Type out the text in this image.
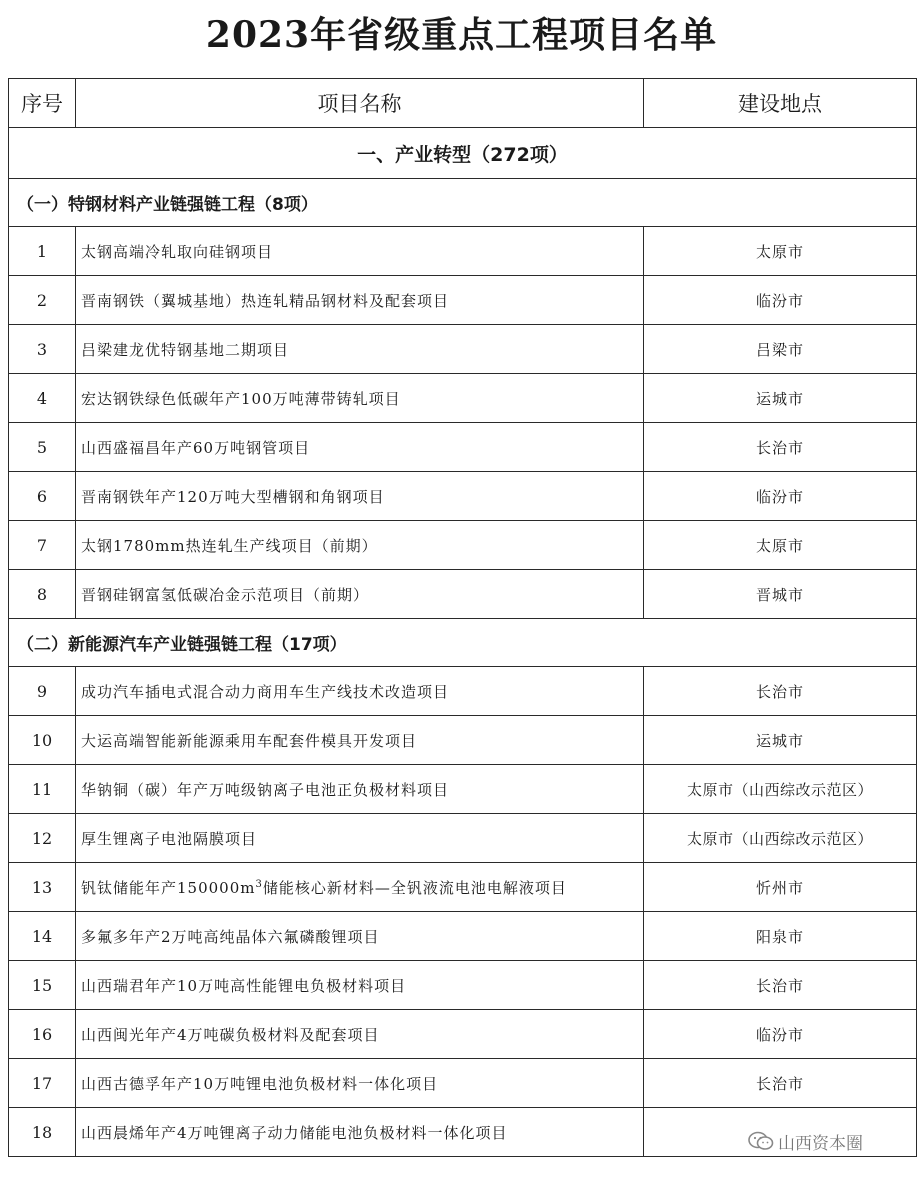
2023年省级重点工程项目名单
序号	项目名称	建设地点
一、产业转型（272项）		
（一）特钢材料产业链强链工程（8项）		
1	太钢高端冷轧取向硅钢项目	太原市
2	晋南钢铁（翼城基地）热连轧精品钢材料及配套项目	临汾市
3	吕梁建龙优特钢基地二期项目	吕梁市
4	宏达钢铁绿色低碳年产100万吨薄带铸轧项目	运城市
5	山西盛福昌年产60万吨钢管项目	长治市
6	晋南钢铁年产120万吨大型槽钢和角钢项目	临汾市
7	太钢1780mm热连轧生产线项目（前期）	太原市
8	晋钢硅钢富氢低碳冶金示范项目（前期）	晋城市
（二）新能源汽车产业链强链工程（17项）		
9	成功汽车插电式混合动力商用车生产线技术改造项目	长治市
10	大运高端智能新能源乘用车配套件模具开发项目	运城市
11	华钠铜（碳）年产万吨级钠离子电池正负极材料项目	太原市（山西综改示范区）
12	厚生锂离子电池隔膜项目	太原市（山西综改示范区）
13	钒钛储能年产$150000m^3$储能核心新材料—全钒液流电池电解液项目	忻州市
14	多氟多年产2万吨高纯晶体六氟磷酸锂项目	阳泉市
15	山西瑞君年产10万吨高性能锂电负极材料项目	长治市
16	山西闽光年产4万吨碳负极材料及配套项目	临汾市
17	山西古德孚年产10万吨锂电池负极材料一体化项目	长治市
18	山西晨烯年产4万吨锂离子动力储能电池负极材料一体化项目	
山西资本圈
